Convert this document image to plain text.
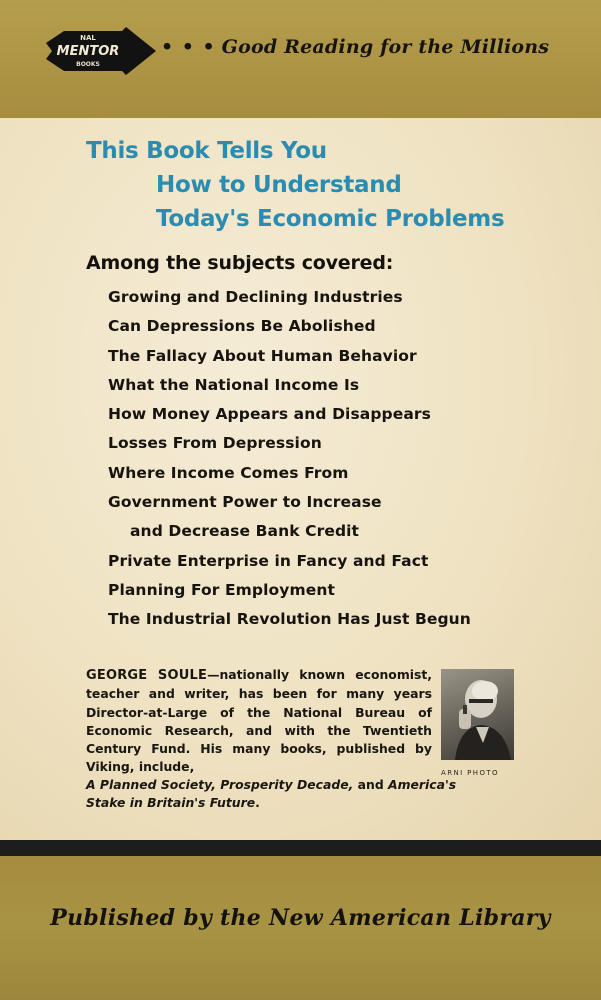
NAL
MENTOR
BOOKS
• • • Good Reading for the Millions
This Book Tells You
How to Understand
Today's Economic Problems
Among the subjects covered:
Growing and Declining Industries
Can Depressions Be Abolished
The Fallacy About Human Behavior
What the National Income Is
How Money Appears and Disappears
Losses From Depression
Where Income Comes From
Government Power to Increase
and Decrease Bank Credit
Private Enterprise in Fancy and Fact
Planning For Employment
The Industrial Revolution Has Just Begun
GEORGE SOULE—nationally known economist, teacher and writer, has been for many years Director-at-Large of the National Bureau of Economic Research, and with the Twentieth Century Fund. His many books, published by Viking, include,
A Planned Society, Prosperity Decade, and America's
Stake in Britain's Future.
ARNI PHOTO
Published by the New American Library
